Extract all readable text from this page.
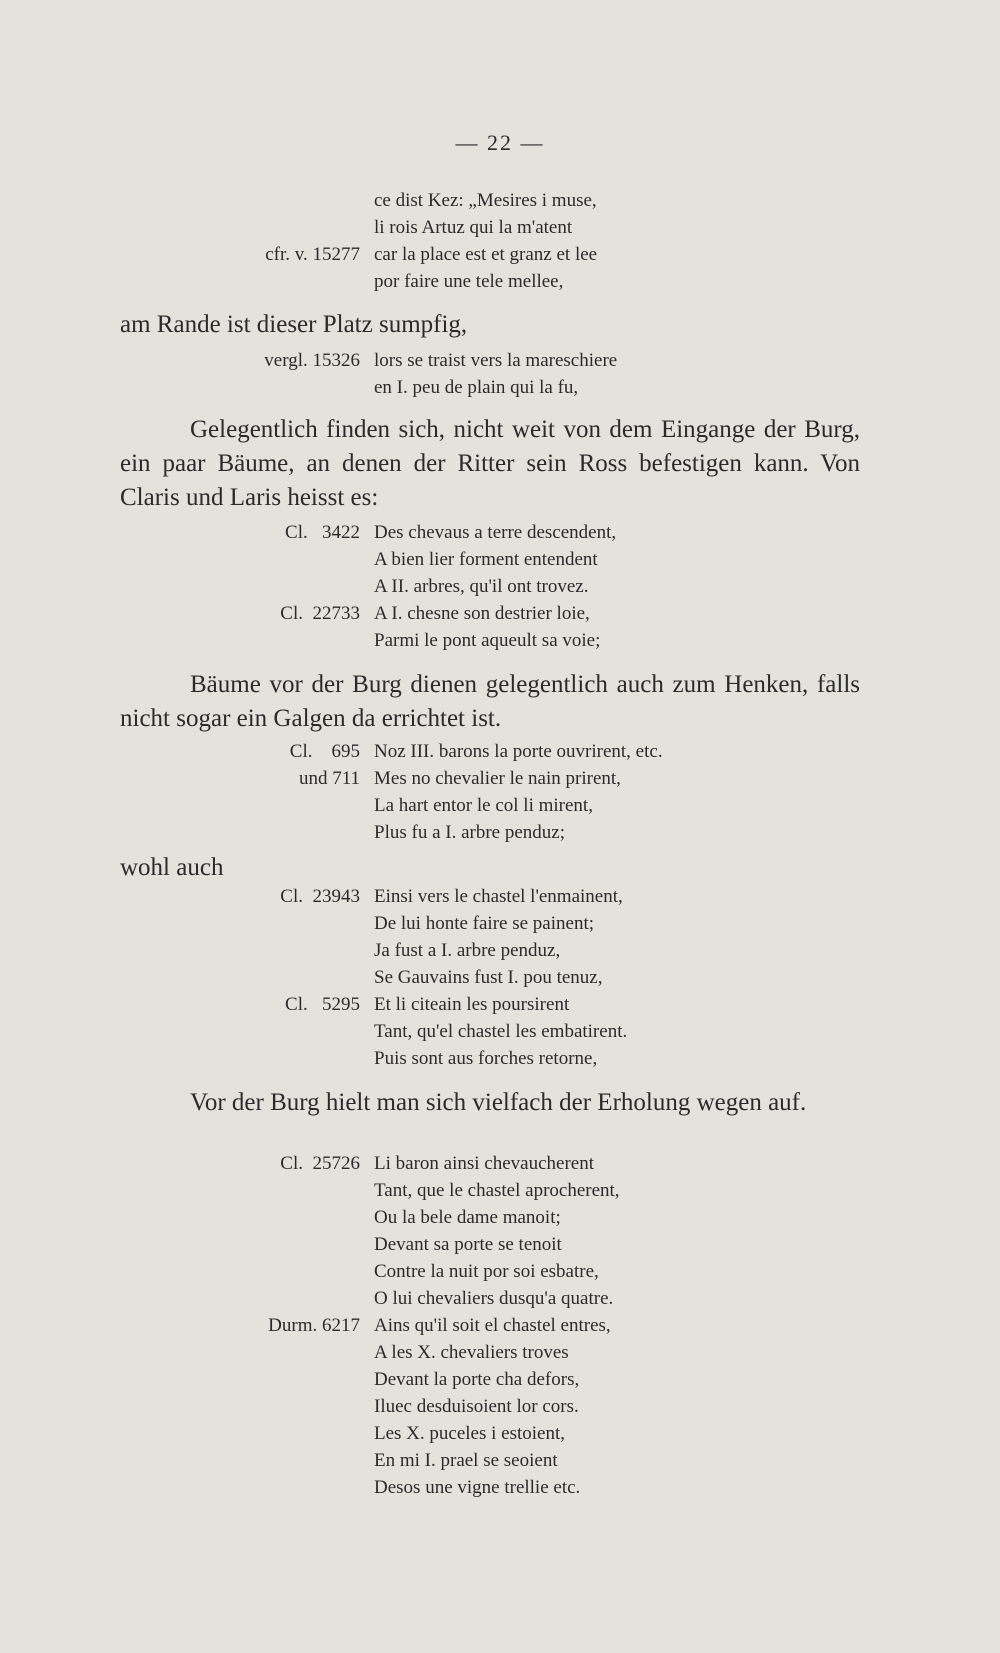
— 22 —
ce dist Kez: „Mesires i muse,
li rois Artuz qui la m'atent
cfr. v. 15277 car la place est et granz et lee
por faire une tele mellee,
am Rande ist dieser Platz sumpfig,
vergl. 15326 lors se traist vers la mareschiere
en I. peu de plain qui la fu,
Gelegentlich finden sich, nicht weit von dem Eingange der Burg, ein paar Bäume, an denen der Ritter sein Ross befestigen kann. Von Claris und Laris heisst es:
Cl.   3422 Des chevaus a terre descendent,
A bien lier forment entendent
A II. arbres, qu'il ont trovez.
Cl.  22733 A I. chesne son destrier loie,
Parmi le pont aqueult sa voie;
Bäume vor der Burg dienen gelegentlich auch zum Henken, falls nicht sogar ein Galgen da errichtet ist.
Cl.    695 Noz III. barons la porte ouvrirent, etc.
und 711 Mes no chevalier le nain prirent,
La hart entor le col li mirent,
Plus fu a I. arbre penduz;
wohl auch
Cl.  23943 Einsi vers le chastel l'enmainent,
De lui honte faire se painent;
Ja fust a I. arbre penduz,
Se Gauvains fust I. pou tenuz,
Cl.   5295 Et li citeain les poursirent
Tant, qu'el chastel les embatirent.
Puis sont aus forches retorne,
Vor der Burg hielt man sich vielfach der Erholung wegen auf.
Cl.  25726 Li baron ainsi chevaucherent
Tant, que le chastel aprocherent,
Ou la bele dame manoit;
Devant sa porte se tenoit
Contre la nuit por soi esbatre,
O lui chevaliers dusqu'a quatre.
Durm. 6217 Ains qu'il soit el chastel entres,
A les X. chevaliers troves
Devant la porte cha defors,
Iluec desduisoient lor cors.
Les X. puceles i estoient,
En mi I. prael se seoient
Desos une vigne trellie etc.
